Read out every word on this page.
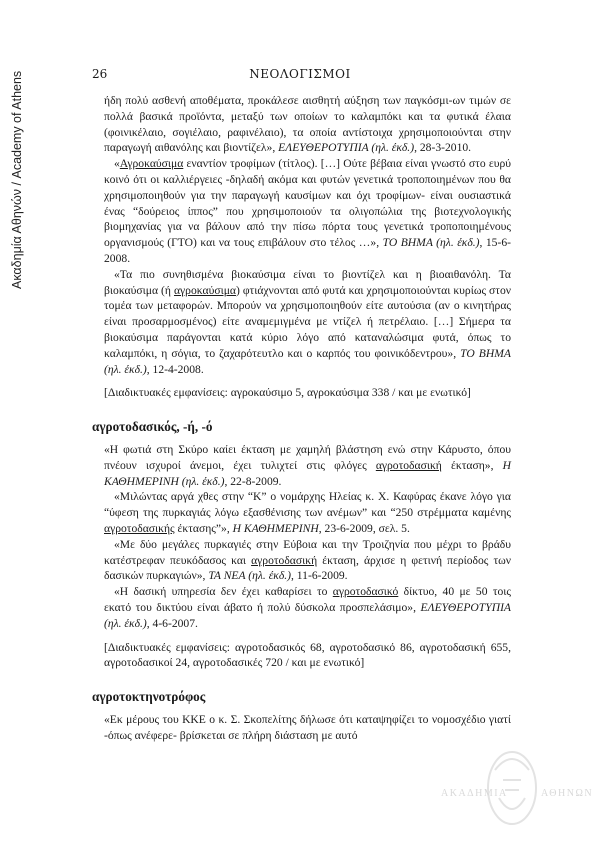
Ακαδημία Αθηνών / Academy of Athens	26	ΝΕΟΛΟΓΙΣΜΟΙ

ήδη πολύ ασθενή αποθέματα, προκάλεσε αισθητή αύξηση των παγκόσμι-ων τιμών σε πολλά βασικά προϊόντα, μεταξύ των οποίων το καλαμπόκι και τα φυτικά έλαια (φοινικέλαιο, σογιέλαιο, ραφινέλαιο), τα οποία αντίστοιχα χρησιμοποιούνται στην παραγωγή αιθανόλης και βιοντίζελ», ΕΛΕΥΘΕΡΟΤΥΠΙΑ (ηλ. έκδ.), 28-3-2010.

«Αγροκαύσιμα εναντίον τροφίμων (τίτλος). […] Ούτε βέβαια είναι γνωστό στο ευρύ κοινό ότι οι καλλιέργειες -δηλαδή ακόμα και φυτών γενετικά τροποποιημένων που θα χρησιμοποιηθούν για την παραγωγή καυσίμων και όχι τροφίμων- είναι ουσιαστικά ένας “δούρειος ίππος” που χρησιμοποιούν τα ολιγοπώλια της βιοτεχνολογικής βιομηχανίας για να βάλουν από την πίσω πόρτα τους γενετικά τροποποιημένους οργανισμούς (ΓΤΟ) και να τους επιβάλουν στο τέλος …», ΤΟ ΒΗΜΑ (ηλ. έκδ.), 15-6-2008.

«Τα πιο συνηθισμένα βιοκαύσιμα είναι το βιοντίζελ και η βιοαιθανόλη. Τα βιοκαύσιμα (ή αγροκαύσιμα) φτιάχνονται από φυτά και χρησιμοποιούνται κυρίως στον τομέα των μεταφορών. Μπορούν να χρησιμοποιηθούν είτε αυτούσια (αν ο κινητήρας είναι προσαρμοσμένος) είτε αναμεμιγμένα με ντίζελ ή πετρέλαιο. […] Σήμερα τα βιοκαύσιμα παράγονται κατά κύριο λόγο από καταναλώσιμα φυτά, όπως το καλαμπόκι, η σόγια, το ζαχαρότευτλο και ο καρπός του φοινικόδεντρου», ΤΟ ΒΗΜΑ (ηλ. έκδ.), 12-4-2008.

[Διαδικτυακές εμφανίσεις: αγροκαύσιμο 5, αγροκαύσιμα 338 / και με ενωτικό]

αγροτοδασικός, -ή, -ό

«Η φωτιά στη Σκύρο καίει έκταση με χαμηλή βλάστηση ενώ στην Κάρυστο, όπου πνέουν ισχυροί άνεμοι, έχει τυλιχτεί στις φλόγες αγροτοδασική έκταση», Η ΚΑΘΗΜΕΡΙΝΗ (ηλ. έκδ.), 22-8-2009.

«Μιλώντας αργά χθες στην “Κ” ο νομάρχης Ηλείας κ. Χ. Καφύρας έκανε λόγο για “ύφεση της πυρκαγιάς λόγω εξασθένισης των ανέμων” και “250 στρέμματα καμένης αγροτοδασικής έκτασης”», Η ΚΑΘΗΜΕΡΙΝΗ, 23-6-2009, σελ. 5.

«Με δύο μεγάλες πυρκαγιές στην Εύβοια και την Τροιζηνία που μέχρι το βράδυ κατέστρεφαν πευκόδασος και αγροτοδασική έκταση, άρχισε η φετινή περίοδος των δασικών πυρκαγιών», ΤΑ ΝΕΑ (ηλ. έκδ.), 11-6-2009.

«Η δασική υπηρεσία δεν έχει καθαρίσει το αγροτοδασικό δίκτυο, 40 με 50 τοις εκατό του δικτύου είναι άβατο ή πολύ δύσκολα προσπελάσιμο», ΕΛΕΥΘΕΡΟΤΥΠΙΑ (ηλ. έκδ.), 4-6-2007.

[Διαδικτυακές εμφανίσεις: αγροτοδασικός 68, αγροτοδασικό 86, αγροτοδασική 655, αγροτοδασικοί 24, αγροτοδασικές 720 / και με ενωτικό]

αγροτοκτηνοτρόφος

«Εκ μέρους του ΚΚΕ ο κ. Σ. Σκοπελίτης δήλωσε ότι καταψηφίζει το νομοσχέδιο γιατί -όπως ανέφερε- βρίσκεται σε πλήρη διάσταση με αυτό

ΑΚΑΔΗΜΙΑ	ΑΘΗΝΩΝ
